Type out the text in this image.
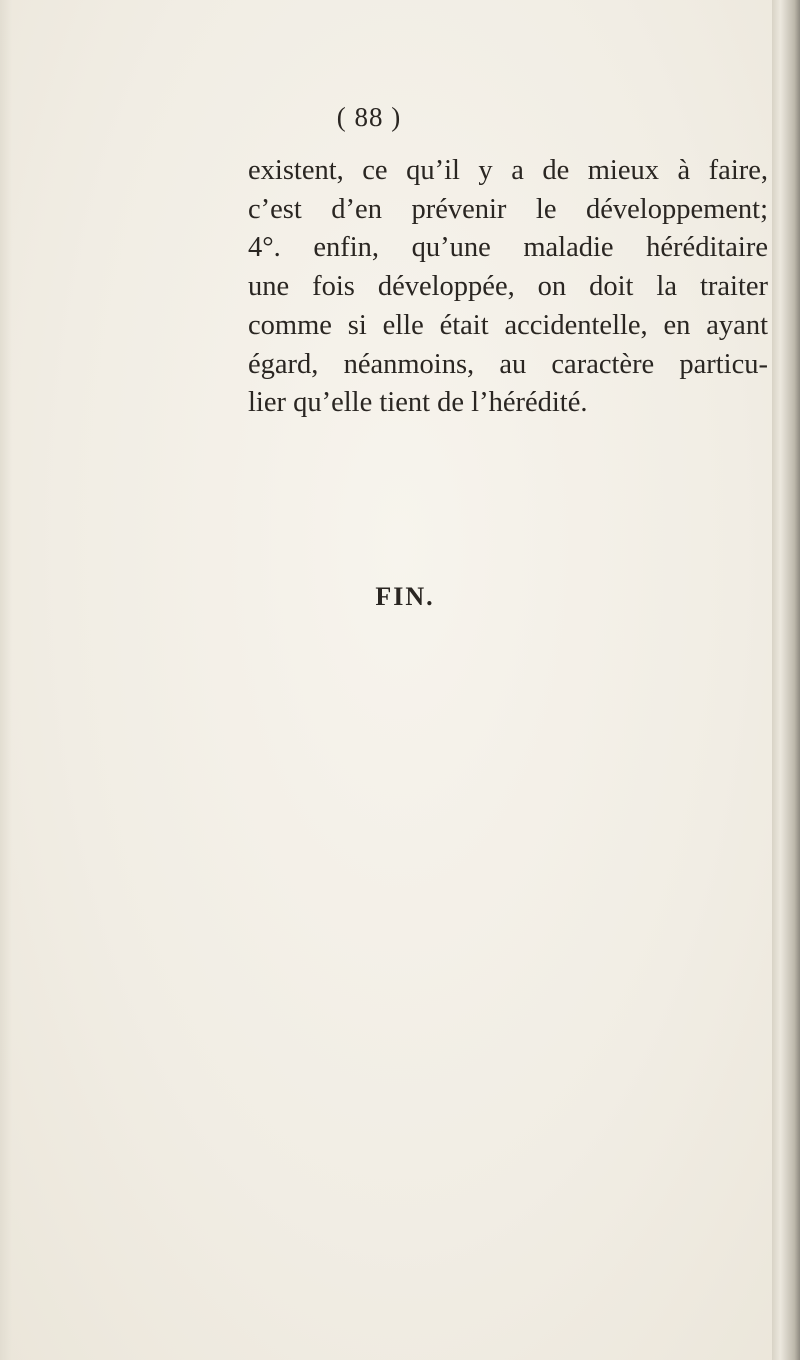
( 88 )
existent, ce qu’il y a de mieux à faire,
c’est d’en prévenir le développement;
4°. enfin, qu’une maladie héréditaire
une fois développée, on doit la traiter
comme si elle était accidentelle, en ayant
égard, néanmoins, au caractère particu-
lier qu’elle tient de l’hérédité.
FIN.
